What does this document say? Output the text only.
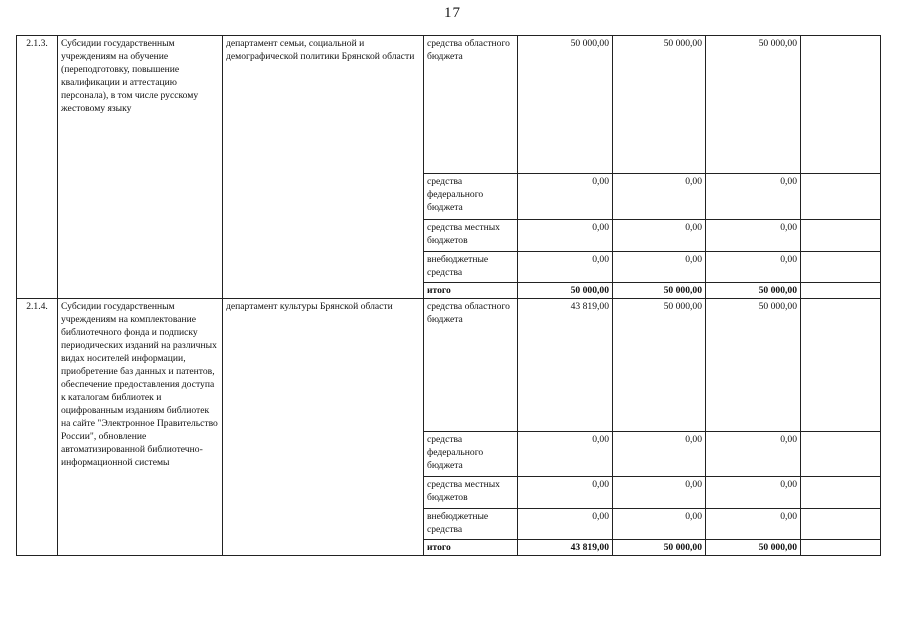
17
2.1.3.	Субсидии государственным учреждениям на обучение (переподготовку, повышение квалификации и аттестацию персонала), в том числе русскому жестовому языку	департамент семьи, социальной и демографической политики Брянской области	средства областного бюджета	50 000,00	50 000,00	50 000,00	
			средства федерального бюджета	0,00	0,00	0,00	
			средства местных бюджетов	0,00	0,00	0,00	
			внебюджетные средства	0,00	0,00	0,00	
			итого	50 000,00	50 000,00	50 000,00	
2.1.4.	Субсидии государственным учреждениям на комплектование библиотечного фонда и подписку периодических изданий на различных видах носителей информации, приобретение баз данных и патентов, обеспечение предоставления доступа к каталогам библиотек и оцифрованным изданиям библиотек на сайте "Электронное Правительство России", обновление автоматизированной библиотечно-информационной системы	департамент культуры Брянской области	средства областного бюджета	43 819,00	50 000,00	50 000,00	
			средства федерального бюджета	0,00	0,00	0,00	
			средства местных бюджетов	0,00	0,00	0,00	
			внебюджетные средства	0,00	0,00	0,00	
			итого	43 819,00	50 000,00	50 000,00	
